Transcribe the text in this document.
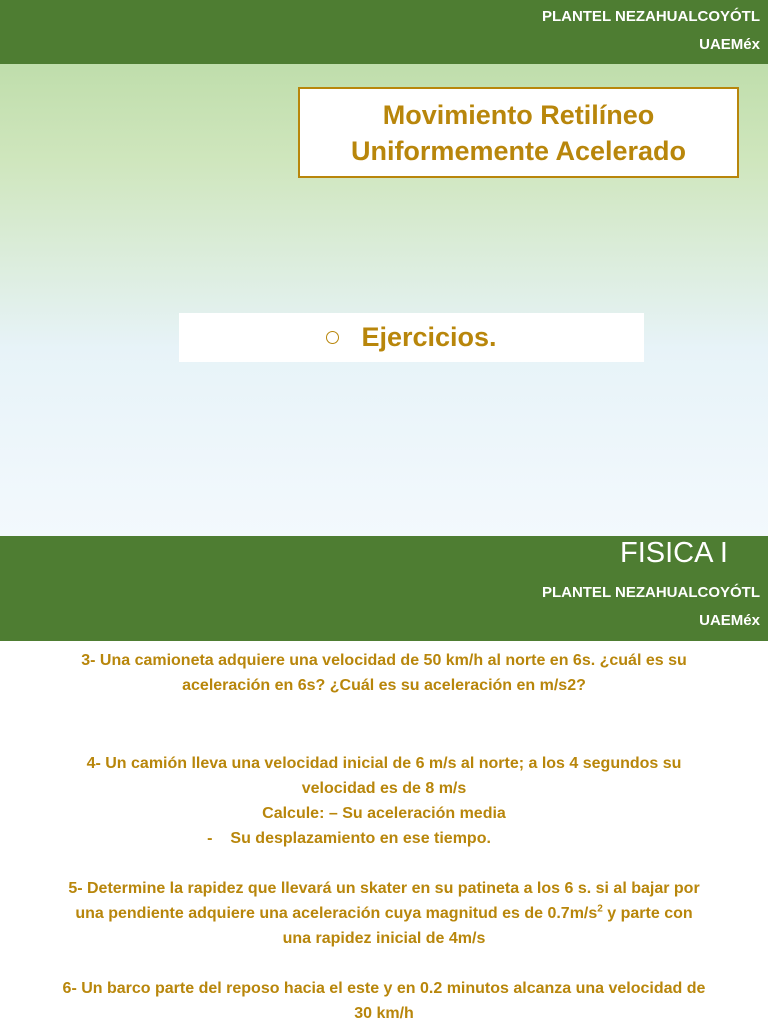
PLANTEL NEZAHUALCOYÓTL
UAEMéx
Movimiento Retilíneo
Uniformemente Acelerado
Ejercicios.
PLANTEL NEZAHUALCOYÓTL
UAEMéx
FISICA I
3- Una camioneta adquiere una velocidad de 50 km/h al norte en 6s. ¿cuál es su
aceleración en 6s? ¿Cuál es su aceleración en m/s2?
4- Un camión lleva una velocidad inicial de 6 m/s al norte; a los 4 segundos su
velocidad es de 8 m/s
Calcule: – Su aceleración media
- Su desplazamiento en ese tiempo.
5- Determine la rapidez que llevará un skater en su patineta a los 6 s. si al bajar por
una pendiente adquiere una aceleración cuya magnitud es de $0.7m/s^2$ y parte con
una rapidez inicial de 4m/s
6- Un barco parte del reposo hacia el este y en 0.2 minutos alcanza una velocidad de
30 km/h
